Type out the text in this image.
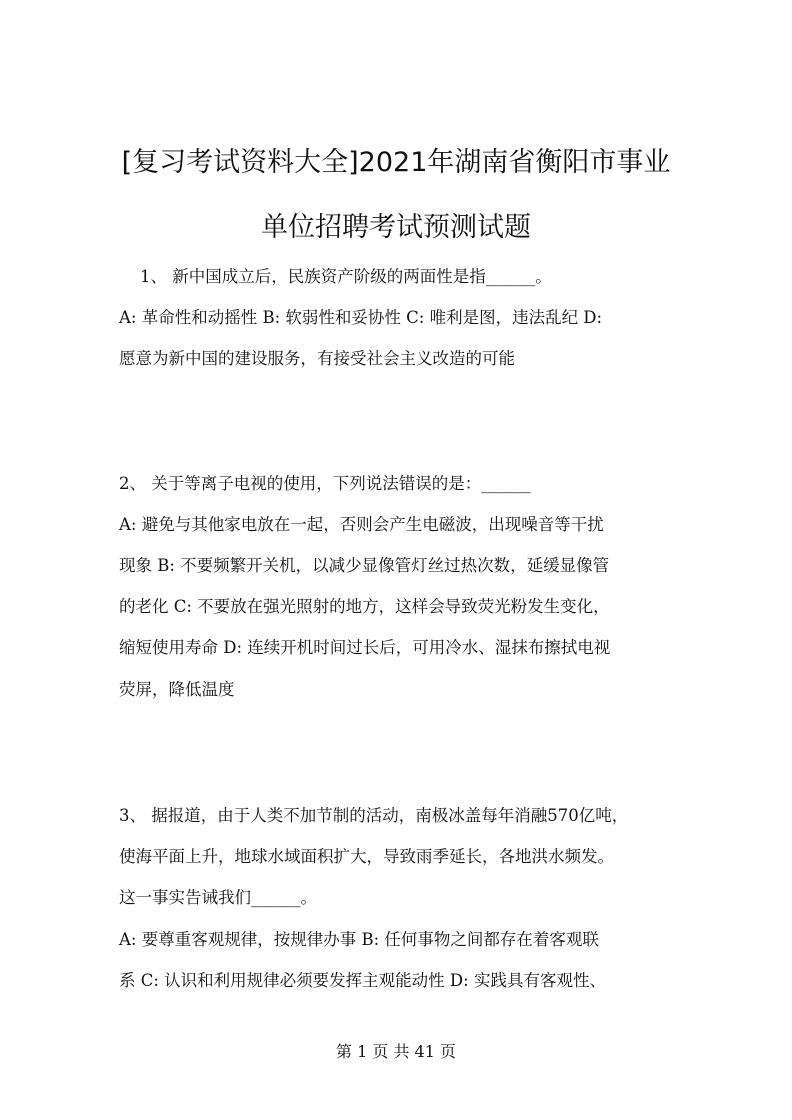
[复习考试资料大全]2021年湖南省衡阳市事业
单位招聘考试预测试题
1、 新中国成立后，民族资产阶级的两面性是指______。
A: 革命性和动摇性 B: 软弱性和妥协性 C: 唯利是图，违法乱纪 D:
愿意为新中国的建设服务，有接受社会主义改造的可能
2、 关于等离子电视的使用，下列说法错误的是：______
A: 避免与其他家电放在一起，否则会产生电磁波，出现噪音等干扰
现象 B: 不要频繁开关机，以减少显像管灯丝过热次数，延缓显像管
的老化 C: 不要放在强光照射的地方，这样会导致荧光粉发生变化，
缩短使用寿命 D: 连续开机时间过长后，可用冷水、湿抹布擦拭电视
荧屏，降低温度
3、 据报道，由于人类不加节制的活动，南极冰盖每年消融570亿吨，
使海平面上升，地球水域面积扩大，导致雨季延长，各地洪水频发。
这一事实告诫我们______。
A: 要尊重客观规律，按规律办事 B: 任何事物之间都存在着客观联
系 C: 认识和利用规律必须要发挥主观能动性 D: 实践具有客观性、
第 1 页 共 41 页
